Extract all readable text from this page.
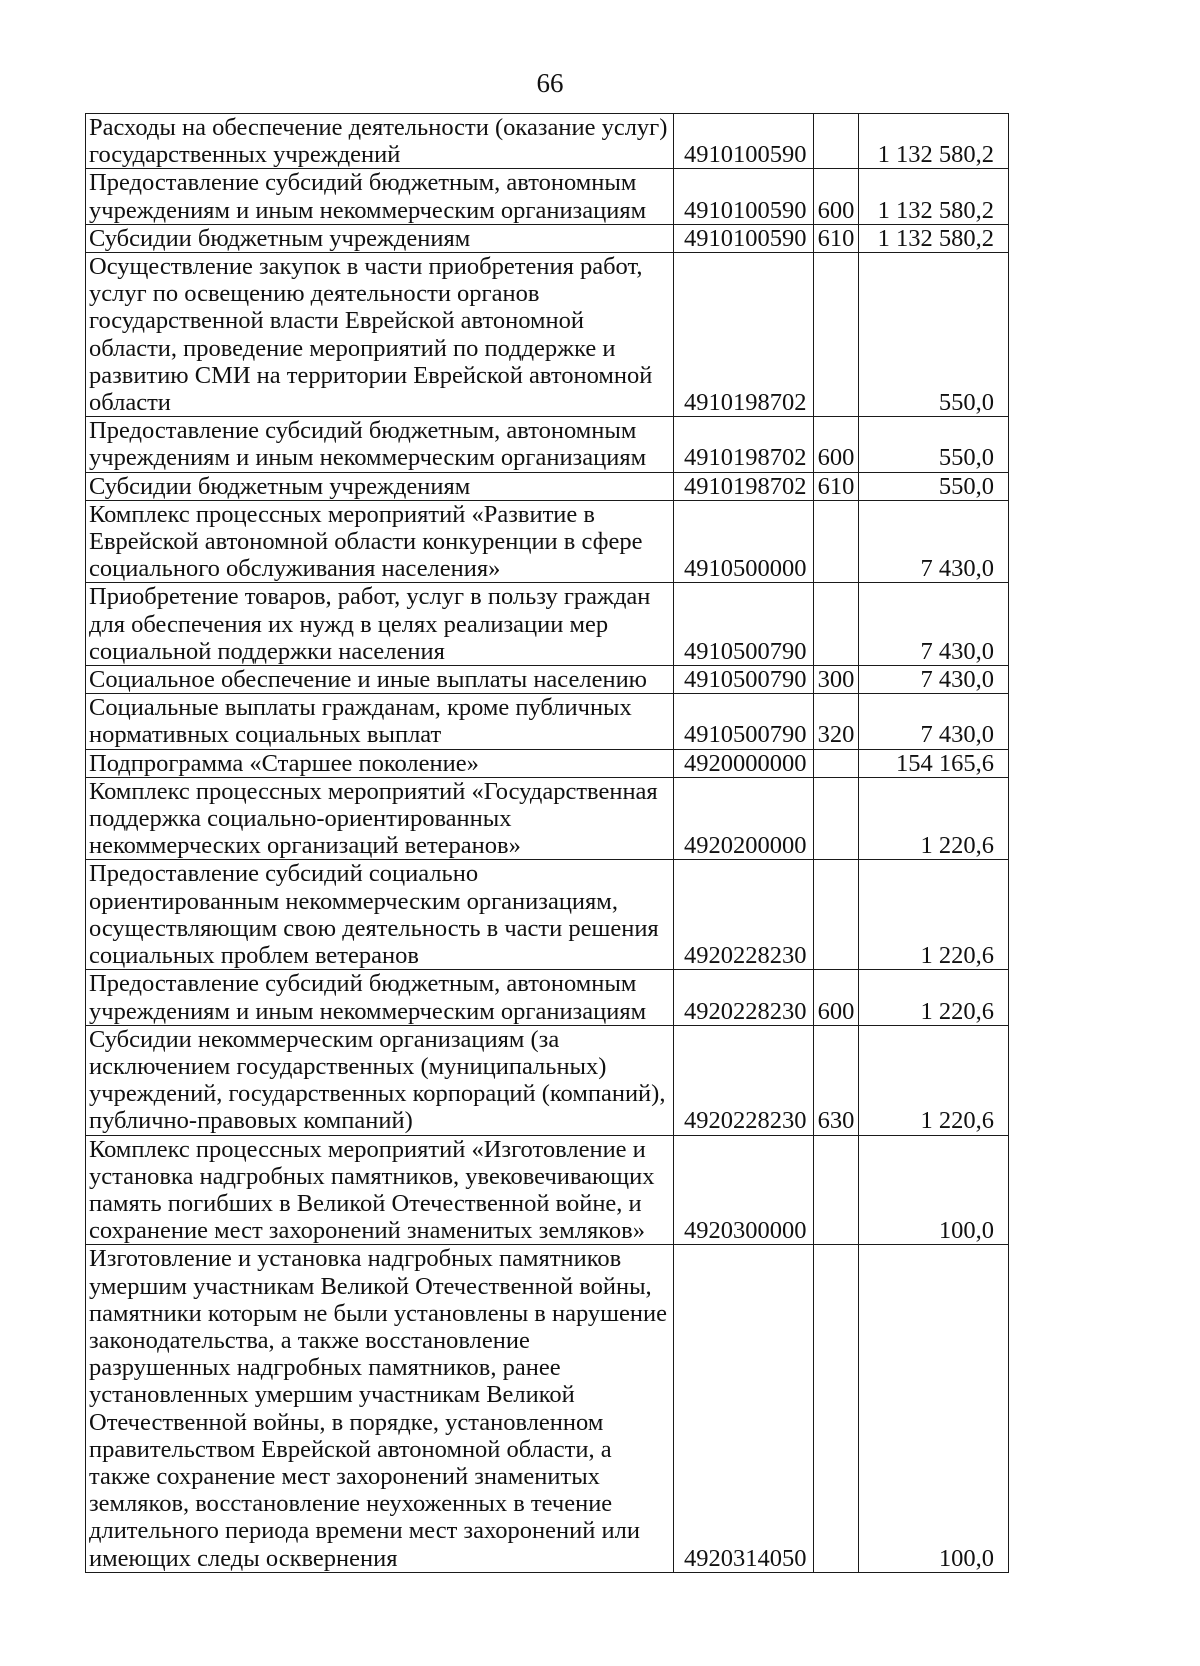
66
Расходы на обеспечение деятельности (оказание услуг) государственных учреждений	4910100590		1 132 580,2
Предоставление субсидий бюджетным, автономным учреждениям и иным некоммерческим организациям	4910100590	600	1 132 580,2
Субсидии бюджетным учреждениям	4910100590	610	1 132 580,2
Осуществление закупок в части приобретения работ, услуг по освещению деятельности органов государственной власти Еврейской автономной области, проведение мероприятий по поддержке и развитию СМИ на территории Еврейской автономной области	4910198702		550,0
Предоставление субсидий бюджетным, автономным учреждениям и иным некоммерческим организациям	4910198702	600	550,0
Субсидии бюджетным учреждениям	4910198702	610	550,0
Комплекс процессных мероприятий «Развитие в Еврейской автономной области конкуренции в сфере социального обслуживания населения»	4910500000		7 430,0
Приобретение товаров, работ, услуг в пользу граждан для обеспечения их нужд в целях реализации мер социальной поддержки населения	4910500790		7 430,0
Социальное обеспечение и иные выплаты населению	4910500790	300	7 430,0
Социальные выплаты гражданам, кроме публичных нормативных социальных выплат	4910500790	320	7 430,0
Подпрограмма «Старшее поколение»	4920000000		154 165,6
Комплекс процессных мероприятий «Государственная поддержка социально-ориентированных некоммерческих организаций ветеранов»	4920200000		1 220,6
Предоставление субсидий социально ориентированным некоммерческим организациям, осуществляющим свою деятельность в части решения социальных проблем ветеранов	4920228230		1 220,6
Предоставление субсидий бюджетным, автономным учреждениям и иным некоммерческим организациям	4920228230	600	1 220,6
Субсидии некоммерческим организациям (за исключением государственных (муниципальных) учреждений, государственных корпораций (компаний), публично-правовых компаний)	4920228230	630	1 220,6
Комплекс процессных мероприятий «Изготовление и установка надгробных памятников, увековечивающих память погибших в Великой Отечественной войне, и сохранение мест захоронений знаменитых земляков»	4920300000		100,0
Изготовление и установка надгробных памятников умершим участникам Великой Отечественной войны, памятники которым не были установлены в нарушение законодательства, а также восстановление разрушенных надгробных памятников, ранее установленных умершим участникам Великой Отечественной войны, в порядке, установленном правительством Еврейской автономной области, а также сохранение мест захоронений знаменитых земляков, восстановление неухоженных в течение длительного периода времени мест захоронений или имеющих следы осквернения	4920314050		100,0
